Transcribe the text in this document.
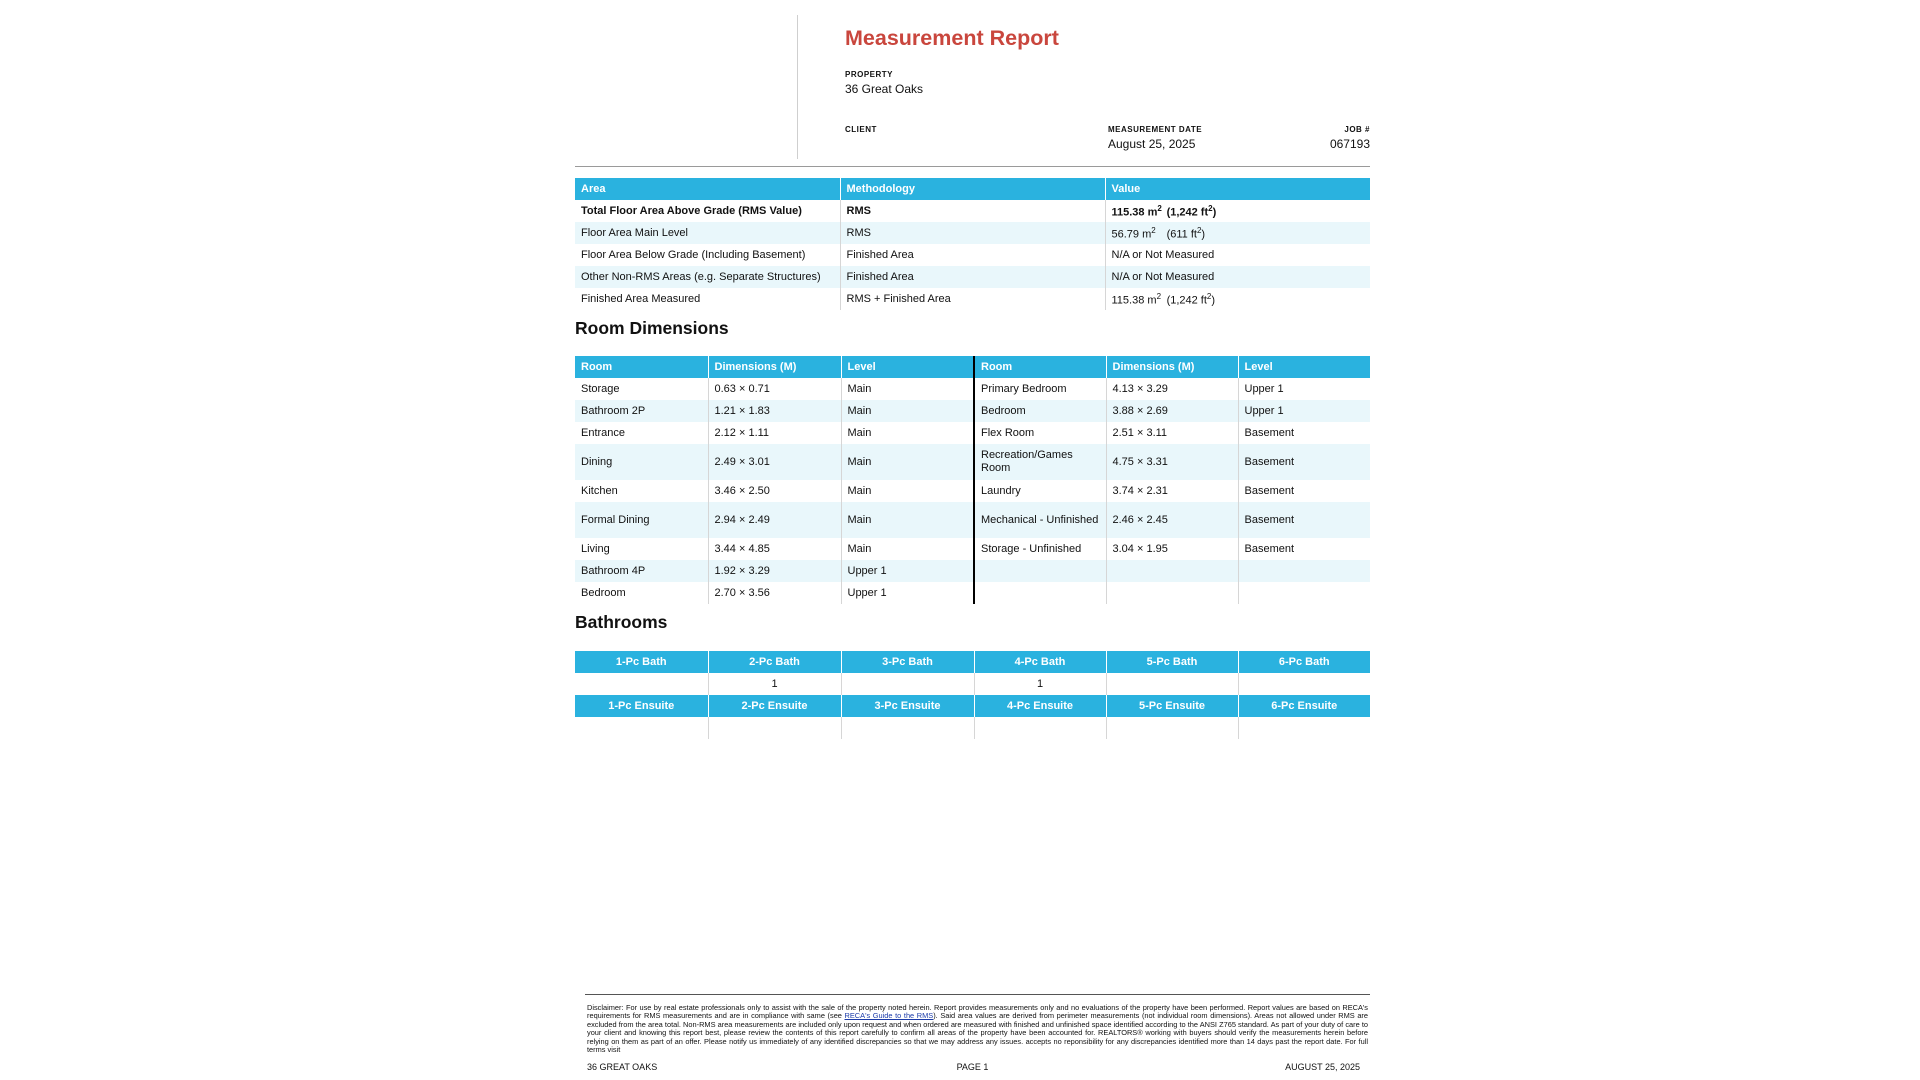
Measurement Report
PROPERTY
36 Great Oaks
CLIENT	MEASUREMENT DATE
August 25, 2025
JOB #
067193
Area	Methodology	Value
Total Floor Area Above Grade (RMS Value)	RMS	115.38 $m^2$ (1,242 $ft^2$)
Floor Area Main Level	RMS	56.79 $m^2$ (611 $ft^2$)
Floor Area Below Grade (Including Basement)	Finished Area	N/A or Not Measured
Other Non-RMS Areas (e.g. Separate Structures)	Finished Area	N/A or Not Measured
Finished Area Measured	RMS + Finished Area	115.38 $m^2$ (1,242 $ft^2$)
Room Dimensions
Room	Dimensions (M)	Level	Room	Dimensions (M)	Level
Storage	0.63 × 0.71	Main	Primary Bedroom	4.13 × 3.29	Upper 1
Bathroom 2P	1.21 × 1.83	Main	Bedroom	3.88 × 2.69	Upper 1
Entrance	2.12 × 1.11	Main	Flex Room	2.51 × 3.11	Basement
Dining	2.49 × 3.01	Main	Recreation/Games Room	4.75 × 3.31	Basement
Kitchen	3.46 × 2.50	Main	Laundry	3.74 × 2.31	Basement
Formal Dining	2.94 × 2.49	Main	Mechanical - Unfinished	2.46 × 2.45	Basement
Living	3.44 × 4.85	Main	Storage - Unfinished	3.04 × 1.95	Basement
Bathroom 4P	1.92 × 3.29	Upper 1			
Bedroom	2.70 × 3.56	Upper 1			
Bathrooms
1-Pc Bath	2-Pc Bath	3-Pc Bath	4-Pc Bath	5-Pc Bath	6-Pc Bath
	1		1		
1-Pc Ensuite	2-Pc Ensuite	3-Pc Ensuite	4-Pc Ensuite	5-Pc Ensuite	6-Pc Ensuite

Disclaimer: For use by real estate professionals only to assist with the sale of the property noted herein. Report provides measurements only and no evaluations of the property have been performed. Report values are based on RECA's requirements for RMS measurements and are in compliance with same (see RECA's Guide to the RMS). Said area values are derived from perimeter measurements (not individual room dimensions). Areas not allowed under RMS are excluded from the area total. Non-RMS area measurements are included only upon request and when ordered are measured with finished and unfinished space identified according to the ANSI Z765 standard. As part of your duty of care to your client and knowing this report best, please review the contents of this report carefully to confirm all areas of the property have been accounted for. REALTORS® working with buyers should verify the measurements herein before relying on them as part of an offer. Please notify us immediately of any identified discrepancies so that we may address any issues. accepts no reponsibility for any discrepancies identified more than 14 days past the report date. For full terms visit

36 GREAT OAKS	PAGE 1	AUGUST 25, 2025
